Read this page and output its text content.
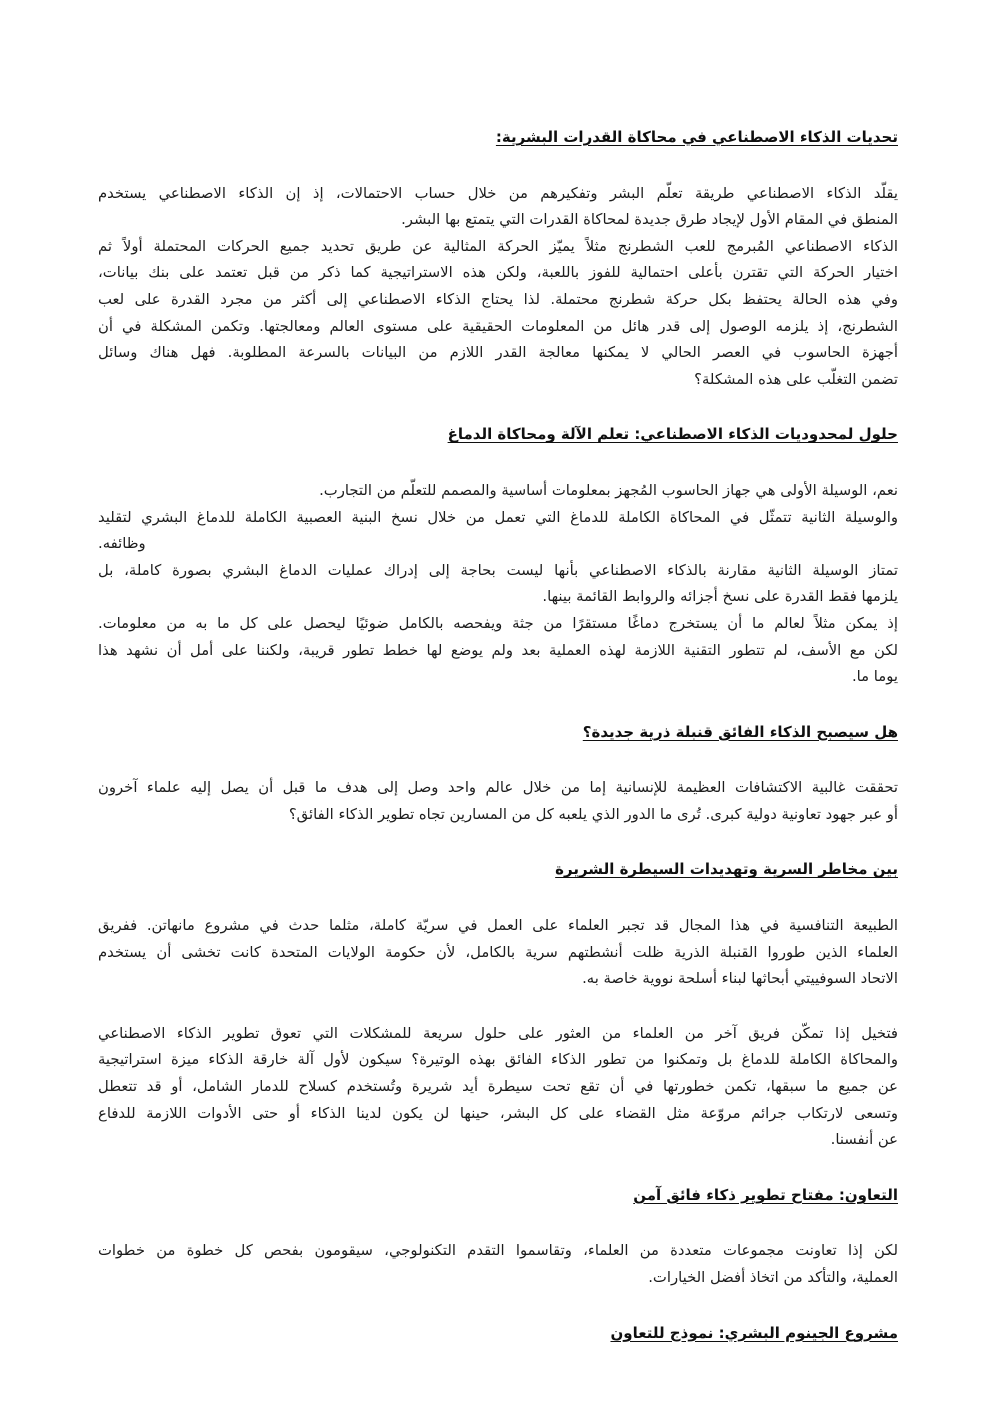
تحديات الذكاء الاصطناعي في محاكاة القدرات البشرية:
يقلّد الذكاء الاصطناعي طريقة تعلّم البشر وتفكيرهم من خلال حساب الاحتمالات، إذ إن الذكاء الاصطناعي يستخدم
المنطق في المقام الأول لإيجاد طرق جديدة لمحاكاة القدرات التي يتمتع بها البشر.
الذكاء الاصطناعي المُبرمج للعب الشطرنج مثلاً يميّز الحركة المثالية عن طريق تحديد جميع الحركات المحتملة أولاً ثم
اختيار الحركة التي تقترن بأعلى احتمالية للفوز باللعبة، ولكن هذه الاستراتيجية كما ذكر من قبل تعتمد على بنك بيانات،
وفي هذه الحالة يحتفظ بكل حركة شطرنج محتملة. لذا يحتاج الذكاء الاصطناعي إلى أكثر من مجرد القدرة على لعب
الشطرنج، إذ يلزمه الوصول إلى قدر هائل من المعلومات الحقيقية على مستوى العالم ومعالجتها. وتكمن المشكلة في أن
أجهزة الحاسوب في العصر الحالي لا يمكنها معالجة القدر اللازم من البيانات بالسرعة المطلوبة. فهل هناك وسائل
تضمن التغلّب على هذه المشكلة؟
حلول لمحدوديات الذكاء الاصطناعي: تعلم الآلة ومحاكاة الدماغ
نعم، الوسيلة الأولى هي جهاز الحاسوب المُجهز بمعلومات أساسية والمصمم للتعلّم من التجارب.
والوسيلة الثانية تتمثّل في المحاكاة الكاملة للدماغ التي تعمل من خلال نسخ البنية العصبية الكاملة للدماغ البشري لتقليد
وظائفه.
تمتاز الوسيلة الثانية مقارنة بالذكاء الاصطناعي بأنها ليست بحاجة إلى إدراك عمليات الدماغ البشري بصورة كاملة، بل
يلزمها فقط القدرة على نسخ أجزائه والروابط القائمة بينها.
إذ يمكن مثلاً لعالم ما أن يستخرج دماغًا مستقرًا من جثة ويفحصه بالكامل ضوئيًا ليحصل على كل ما به من معلومات.
لكن مع الأسف، لم تتطور التقنية اللازمة لهذه العملية بعد ولم يوضع لها خطط تطور قريبة، ولكننا على أمل أن نشهد هذا
يوما ما.
هل سيصبح الذكاء الفائق قنبلة ذرية جديدة؟
تحققت غالبية الاكتشافات العظيمة للإنسانية إما من خلال عالم واحد وصل إلى هدف ما قبل أن يصل إليه علماء آخرون
أو عبر جهود تعاونية دولية كبرى. تُرى ما الدور الذي يلعبه كل من المسارين تجاه تطوير الذكاء الفائق؟
بين مخاطر السرية وتهديدات السيطرة الشريرة
الطبيعة التنافسية في هذا المجال قد تجبر العلماء على العمل في سريّة كاملة، مثلما حدث في مشروع مانهاتن. ففريق
العلماء الذين طوروا القنبلة الذرية ظلت أنشطتهم سرية بالكامل، لأن حكومة الولايات المتحدة كانت تخشى أن يستخدم
الاتحاد السوفييتي أبحاثها لبناء أسلحة نووية خاصة به.
فتخيل إذا تمكّن فريق آخر من العلماء من العثور على حلول سريعة للمشكلات التي تعوق تطوير الذكاء الاصطناعي
والمحاكاة الكاملة للدماغ بل وتمكنوا من تطور الذكاء الفائق بهذه الوتيرة؟ سيكون لأول آلة خارقة الذكاء ميزة استراتيجية
عن جميع ما سبقها، تكمن خطورتها في أن تقع تحت سيطرة أيد شريرة وتُستخدم كسلاح للدمار الشامل، أو قد تتعطل
وتسعى لارتكاب جرائم مروّعة مثل القضاء على كل البشر، حينها لن يكون لدينا الذكاء أو حتى الأدوات اللازمة للدفاع
عن أنفسنا.
التعاون: مفتاح تطوير ذكاء فائق آمن
لكن إذا تعاونت مجموعات متعددة من العلماء، وتقاسموا التقدم التكنولوجي، سيقومون بفحص كل خطوة من خطوات
العملية، والتأكد من اتخاذ أفضل الخيارات.
مشروع الجينوم البشري: نموذج للتعاون
